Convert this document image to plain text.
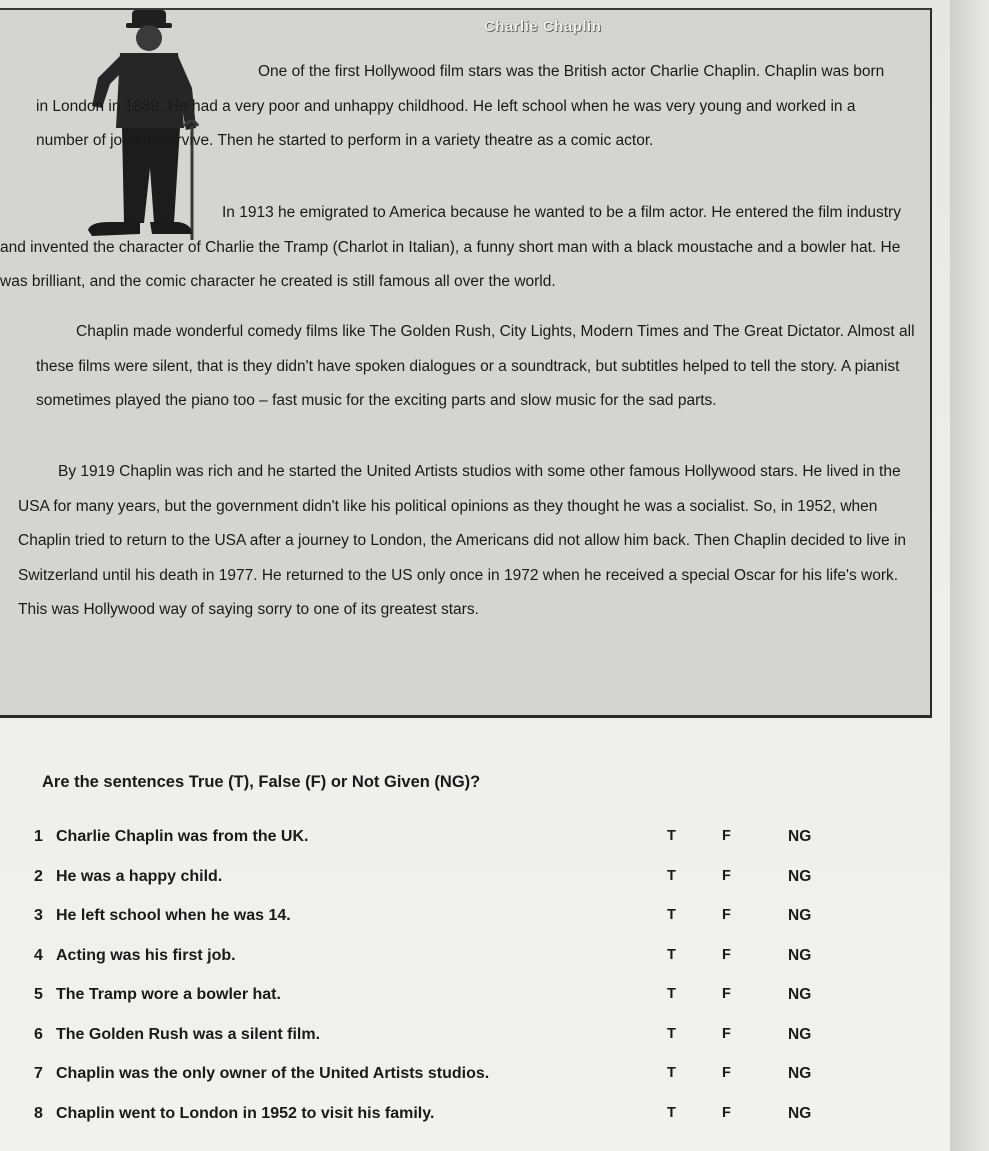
Charlie Chaplin

One of the first Hollywood film stars was the British actor Charlie Chaplin. Chaplin was born in London in 1889. He had a very poor and unhappy childhood. He left school when he was very young and worked in a number of jobs to survive. Then he started to perform in a variety theatre as a comic actor.

In 1913 he emigrated to America because he wanted to be a film actor. He entered the film industry and invented the character of Charlie the Tramp (Charlot in Italian), a funny short man with a black moustache and a bowler hat. He was brilliant, and the comic character he created is still famous all over the world.

Chaplin made wonderful comedy films like The Golden Rush, City Lights, Modern Times and The Great Dictator. Almost all these films were silent, that is they didn't have spoken dialogues or a soundtrack, but subtitles helped to tell the story. A pianist sometimes played the piano too – fast music for the exciting parts and slow music for the sad parts.

By 1919 Chaplin was rich and he started the United Artists studios with some other famous Hollywood stars. He lived in the USA for many years, but the government didn't like his political opinions as they thought he was a socialist. So, in 1952, when Chaplin tried to return to the USA after a journey to London, the Americans did not allow him back. Then Chaplin decided to live in Switzerland until his death in 1977. He returned to the US only once in 1972 when he received a special Oscar for his life's work. This was Hollywood way of saying sorry to one of its greatest stars.

Are the sentences True (T), False (F) or Not Given (NG)?
1 Charlie Chaplin was from the UK.	T	F	NG
2 He was a happy child.	T	F	NG
3 He left school when he was 14.	T	F	NG
4 Acting was his first job.	T	F	NG
5 The Tramp wore a bowler hat.	T	F	NG
6 The Golden Rush was a silent film.	T	F	NG
7 Chaplin was the only owner of the United Artists studios.	T	F	NG
8 Chaplin went to London in 1952 to visit his family.	T	F	NG
